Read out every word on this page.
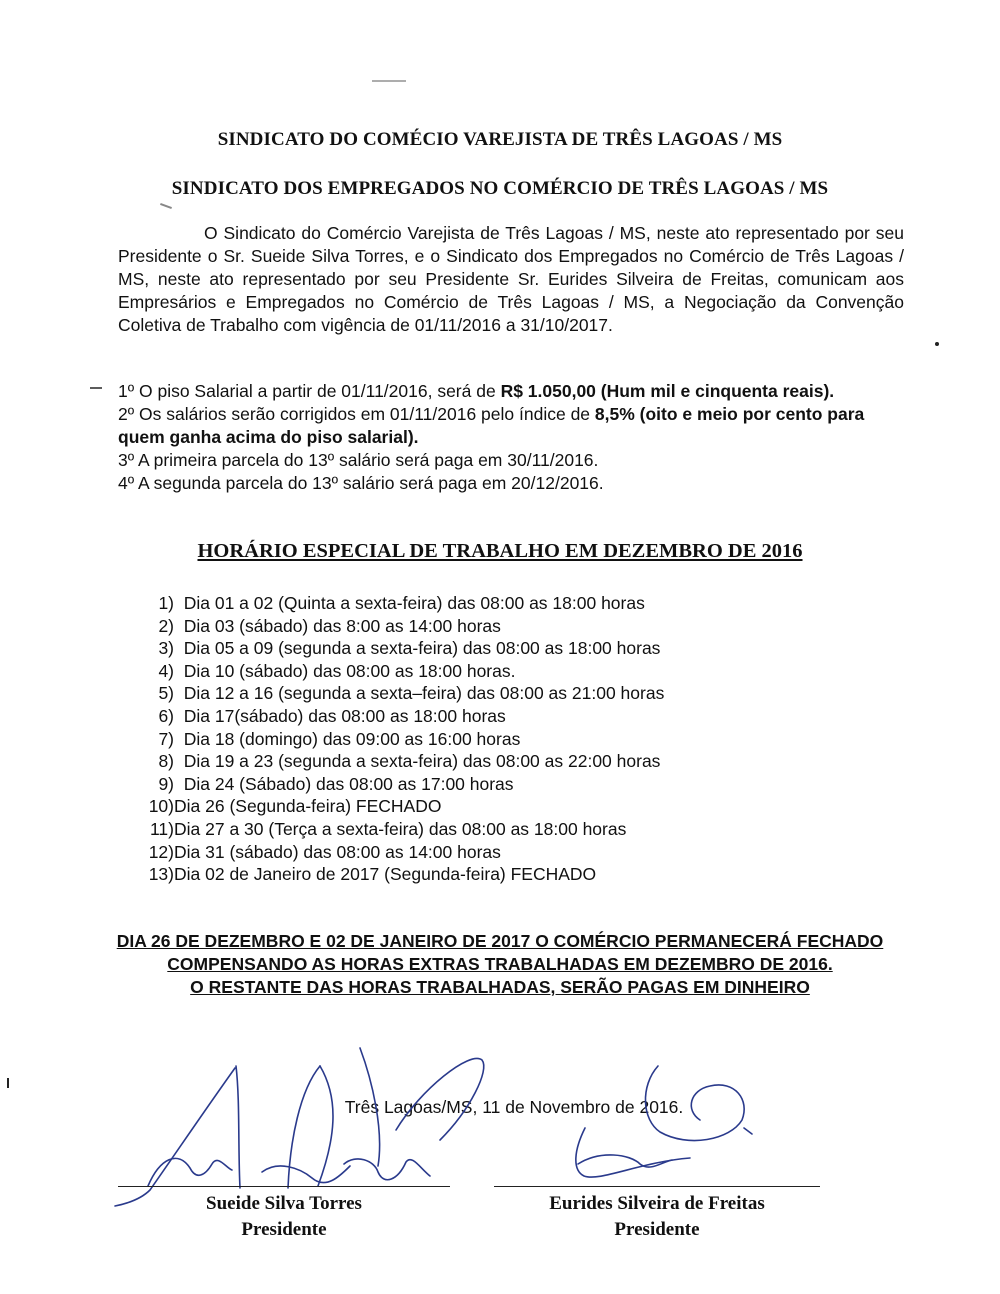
SINDICATO DO COMÉCIO VAREJISTA DE TRÊS LAGOAS / MS
SINDICATO DOS EMPREGADOS NO COMÉRCIO DE TRÊS LAGOAS / MS
O Sindicato do Comércio Varejista de Três Lagoas / MS, neste ato representado por seu Presidente o Sr. Sueide Silva Torres, e o Sindicato dos Empregados no Comércio de Três Lagoas / MS, neste ato representado por seu Presidente Sr. Eurides Silveira de Freitas, comunicam aos Empresários e Empregados no Comércio de Três Lagoas / MS, a Negociação da Convenção Coletiva de Trabalho com vigência de 01/11/2016 a 31/10/2017.

1º O piso Salarial a partir de 01/11/2016, será de R$ 1.050,00 (Hum mil e cinquenta reais).

2º Os salários serão corrigidos em 01/11/2016 pelo índice de 8,5% (oito e meio por cento para quem ganha acima do piso salarial).

3º A primeira parcela do 13º salário será paga em 30/11/2016.

4º A segunda parcela do 13º salário será paga em 20/12/2016.

HORÁRIO ESPECIAL DE TRABALHO EM DEZEMBRO DE 2016
1)
Dia 01 a 02 (Quinta a sexta-feira) das 08:00 as 18:00 horas
2)
Dia 03 (sábado) das 8:00 as 14:00 horas
3)
Dia 05 a 09 (segunda a sexta-feira) das 08:00 as 18:00 horas
4)
Dia 10 (sábado) das 08:00 as 18:00 horas.
5)
Dia 12 a 16 (segunda a sexta–feira) das 08:00 as 21:00 horas
6)
Dia 17(sábado) das 08:00 as 18:00 horas
7)
Dia 18 (domingo) das 09:00 as 16:00 horas
8)
Dia 19 a 23 (segunda a sexta-feira) das 08:00 as 22:00 horas
9)
Dia 24 (Sábado) das 08:00 as 17:00 horas
10) Dia 26 (Segunda-feira) FECHADO
11) Dia 27 a 30 (Terça a sexta-feira) das 08:00 as 18:00 horas
12) Dia 31 (sábado) das 08:00 as 14:00 horas
13) Dia 02 de Janeiro de 2017 (Segunda-feira) FECHADO

DIA 26 DE DEZEMBRO E 02 DE JANEIRO DE 2017 O COMÉRCIO PERMANECERÁ FECHADO COMPENSANDO AS HORAS EXTRAS TRABALHADAS EM DEZEMBRO DE 2016.

O RESTANTE DAS HORAS TRABALHADAS, SERÃO PAGAS EM DINHEIRO

Três Lagoas/MS, 11 de Novembro de 2016.
Sueide Silva Torres
Presidente
Eurides Silveira de Freitas
Presidente
